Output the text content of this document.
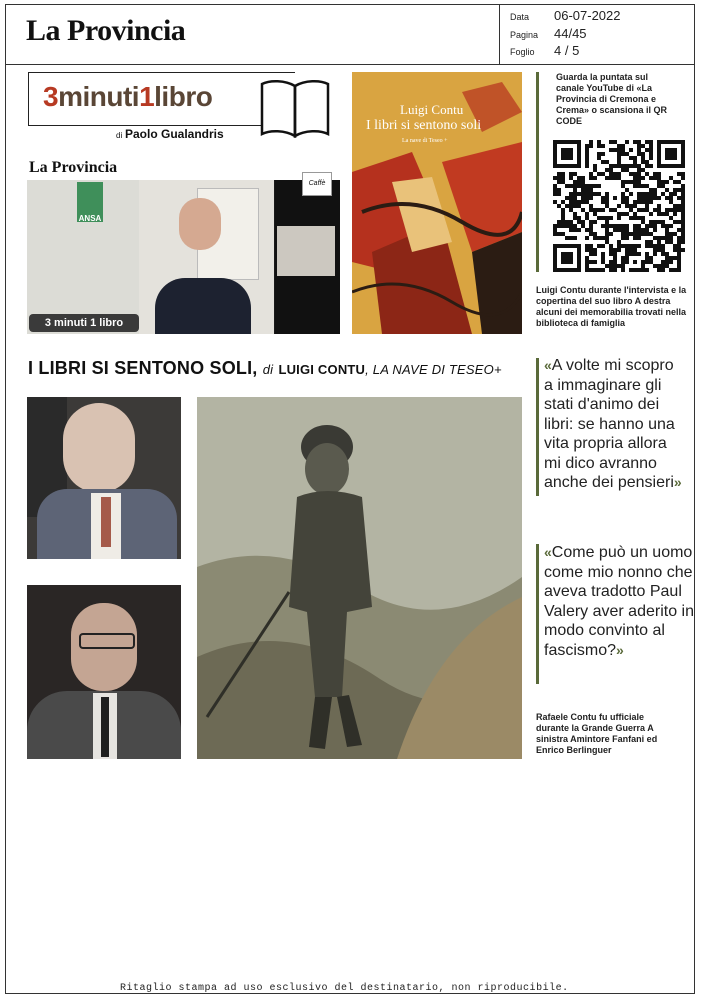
La Provincia	Data 06-07-2022
Pagina 44/45
Foglio 4 / 5
3minuti1libro
di Paolo Gualandris
La Provincia
ANSA
Caffè
3 minuti 1 libro
Luigi Contu
I libri si sentono soli
La nave di Teseo +
Guarda la puntata sul canale YouTube di «La Provincia di Cremona e Crema» o scansiona il QR CODE
Luigi Contu durante l'intervista e la copertina del suo libro A destra alcuni dei memorabilia trovati nella biblioteca di famiglia
I LIBRI SI SENTONO SOLI, di LUIGI CONTU, LA NAVE DI TESEO+	«A volte mi scopro a immaginare gli stati d'animo dei libri: se hanno una vita propria allora mi dico avranno anche dei pensieri»
«Come può un uomo come mio nonno che aveva tradotto Paul Valery aver aderito in modo convinto al fascismo?»
Rafaele Contu fu ufficiale durante la Grande Guerra A sinistra Amintore Fanfani ed Enrico Berlinguer
Ritaglio stampa ad uso esclusivo del destinatario, non riproducibile.
